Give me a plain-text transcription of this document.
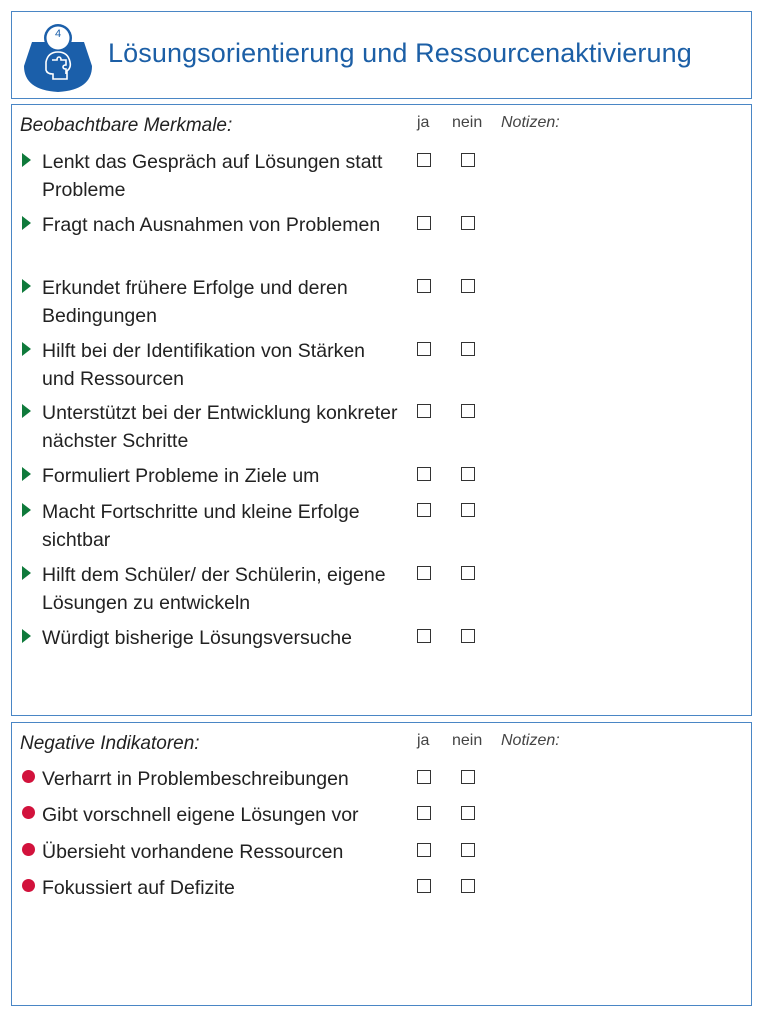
4
Lösungsorientierung und Ressourcenaktivierung
Beobachtbare Merkmale:	ja nein Notizen:
Lenkt das Gespräch auf Lösungen statt Probleme
Fragt nach Ausnahmen von Problemen
Erkundet frühere Erfolge und deren Bedingungen
Hilft bei der Identifikation von Stärken und Ressourcen
Unterstützt bei der Entwicklung konkreter nächster Schritte
Formuliert Probleme in Ziele um
Macht Fortschritte und kleine Erfolge sichtbar
Hilft dem Schüler/ der Schülerin, eigene Lösungen zu entwickeln
Würdigt bisherige Lösungsversuche
Negative Indikatoren:	ja nein Notizen:
Verharrt in Problembeschreibungen
Gibt vorschnell eigene Lösungen vor
Übersieht vorhandene Ressourcen
Fokussiert auf Defizite
